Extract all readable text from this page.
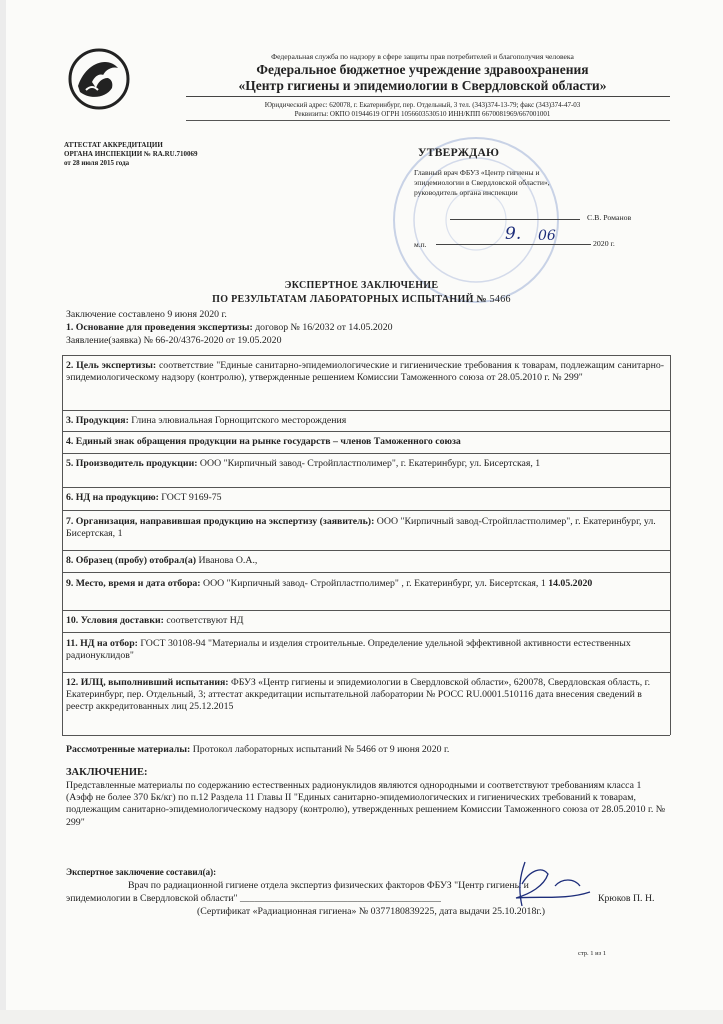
Федеральная служба по надзору в сфере защиты прав потребителей и благополучия человека
Федеральное бюджетное учреждение здравоохранения
«Центр гигиены и эпидемиологии в Свердловской области»
Юридический адрес: 620078, г. Екатеринбург, пер. Отдельный, 3 тел. (343)374-13-79; факс (343)374-47-03
Реквизиты: ОКПО 01944619 ОГРН 1056603530510 ИНН/КПП 6670081969/667001001
АТТЕСТАТ АККРЕДИТАЦИИ
ОРГАНА ИНСПЕКЦИИ № RA.RU.710069
от 28 июля 2015 года
УТВЕРЖДАЮ
Главный врач ФБУЗ «Центр гигиены и
эпидемиологии в Свердловской области»,
руководитель органа инспекции
С.В. Романов
м.п.
9. 06	2020 г.
ЭКСПЕРТНОЕ ЗАКЛЮЧЕНИЕ
ПО РЕЗУЛЬТАТАМ ЛАБОРАТОРНЫХ ИСПЫТАНИЙ № 5466
Заключение составлено 9 июня 2020 г.
1. Основание для проведения экспертизы: договор № 16/2032 от 14.05.2020
Заявление(заявка) № 66-20/4376-2020 от 19.05.2020
2. Цель экспертизы: соответствие "Единые санитарно-эпидемиологические и гигиенические требования к товарам, подлежащим санитарно-эпидемиологическому надзору (контролю), утвержденные решением Комиссии Таможенного союза от 28.05.2010 г. № 299"
3. Продукция: Глина элювиальная Горнощитского месторождения
4. Единый знак обращения продукции на рынке государств – членов Таможенного союза
5. Производитель продукции: ООО "Кирпичный завод- Стройпластполимер", г. Екатеринбург, ул. Бисертская, 1
6. НД на продукцию: ГОСТ 9169-75
7. Организация, направившая продукцию на экспертизу (заявитель): ООО "Кирпичный завод-Стройпластполимер", г. Екатеринбург, ул. Бисертская, 1
8. Образец (пробу) отобрал(а) Иванова О.А.,
9. Место, время и дата отбора: ООО "Кирпичный завод- Стройпластполимер" , г. Екатеринбург, ул. Бисертская, 1 14.05.2020
10. Условия доставки: соответствуют НД
11. НД на отбор: ГОСТ 30108-94 "Материалы и изделия строительные. Определение удельной эффективной активности естественных радионуклидов"
12. ИЛЦ, выполнивший испытания: ФБУЗ «Центр гигиены и эпидемиологии в Свердловской области», 620078, Свердловская область, г. Екатеринбург, пер. Отдельный, 3; аттестат аккредитации испытательной лаборатории № РОСС RU.0001.510116 дата внесения сведений в реестр аккредитованных лиц 25.12.2015
Рассмотренные материалы: Протокол лабораторных испытаний № 5466 от 9 июня 2020 г.
ЗАКЛЮЧЕНИЕ:
Представленные материалы по содержанию естественных радионуклидов являются однородными и соответствуют требованиям класса 1 (Аэфф не более 370 Бк/кг) по п.12 Раздела 11 Главы II "Единых санитарно-эпидемиологических и гигиенических требований к товарам, подлежащим санитарно-эпидемиологическому надзору (контролю), утвержденных решением Комиссии Таможенного союза от 28.05.2010 г. № 299"
Экспертное заключение составил(а):
Врач по радиационной гигиене отдела экспертиз физических факторов ФБУЗ "Центр гигиены и
эпидемиологии в Свердловской области" _________________________________________	Крюков П. Н.
(Сертификат «Радиационная гигиена» № 0377180839225, дата выдачи 25.10.2018г.)
стр. 1 из 1
